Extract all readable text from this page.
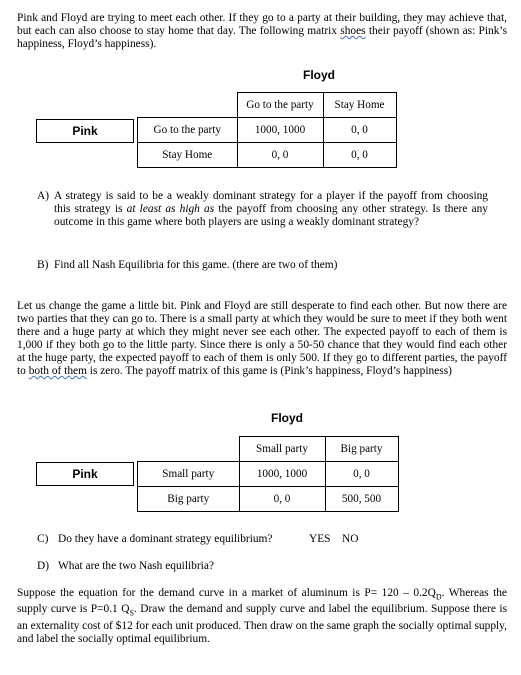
Pink and Floyd are trying to meet each other. If they go to a party at their building, they may achieve that, but each can also choose to stay home that day. The following matrix shoes their payoff (shown as: Pink’s happiness, Floyd’s happiness).
Floyd
Pink
	Go to the party	Stay Home
Go to the party	1000, 1000	0, 0
Stay Home	0, 0	0, 0
A) A strategy is said to be a weakly dominant strategy for a player if the payoff from choosing this strategy is at least as high as the payoff from choosing any other strategy. Is there any outcome in this game where both players are using a weakly dominant strategy?
B) Find all Nash Equilibria for this game. (there are two of them)
Let us change the game a little bit. Pink and Floyd are still desperate to find each other. But now there are two parties that they can go to. There is a small party at which they would be sure to meet if they both went there and a huge party at which they might never see each other. The expected payoff to each of them is 1,000 if they both go to the little party. Since there is only a 50-50 chance that they would find each other at the huge party, the expected payoff to each of them is only 500. If they go to different parties, the payoff to both of them is zero. The payoff matrix of this game is (Pink’s happiness, Floyd’s happiness)
Floyd
Pink
	Small party	Big party
Small party	1000, 1000	0, 0
Big party	0, 0	500, 500
C) Do they have a dominant strategy equilibrium?	YES NO
D) What are the two Nash equilibria?
Suppose the equation for the demand curve in a market of aluminum is $P= 120 - 0.2Q_D$. Whereas the supply curve is P=0.1 $Q_S$. Draw the demand and supply curve and label the equilibrium. Suppose there is an externality cost of $12 for each unit produced. Then draw on the same graph the socially optimal supply, and label the socially optimal equilibrium.
